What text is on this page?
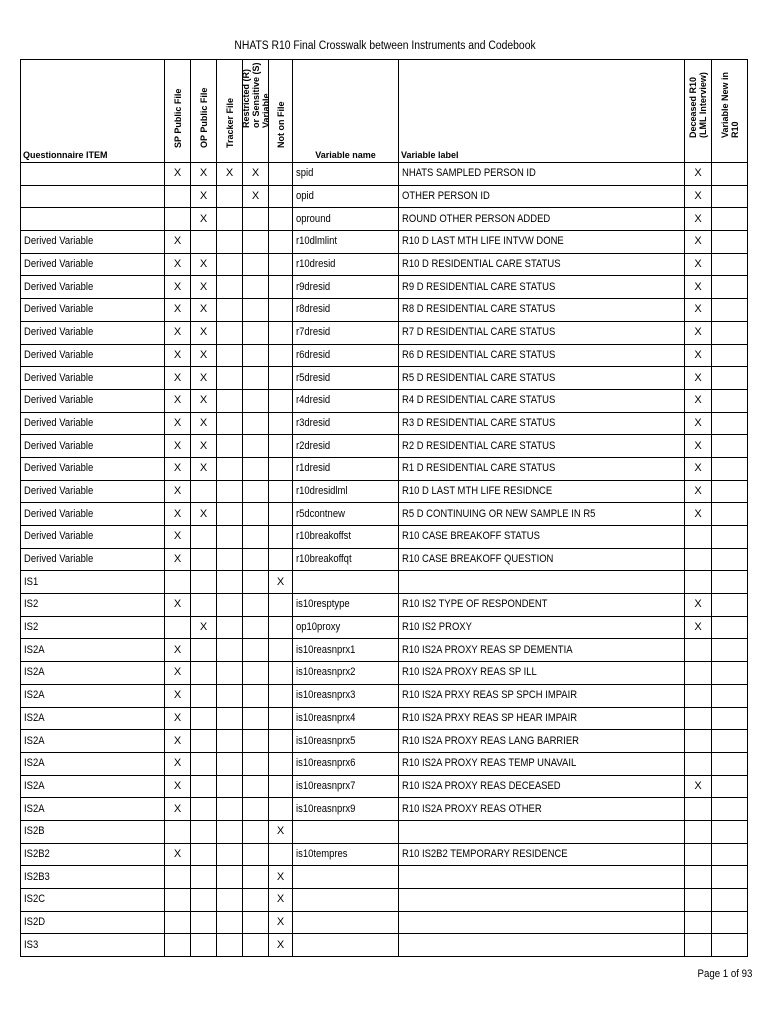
NHATS R10 Final Crosswalk between Instruments and Codebook
Questionnaire ITEM	SP Public File	OP Public File	Tracker File	Restricted (R)
or Sensitive (S)
Variable	Not on File	Variable name	Variable label	Deceased R10
(LML Interview)	Variable New in
R10

	X	X	X	X		spid	NHATS SAMPLED PERSON ID	X	
		X		X		opid	OTHER PERSON ID	X	
		X				opround	ROUND OTHER PERSON ADDED	X	
Derived Variable	X					r10dlmlint	R10 D LAST MTH LIFE INTVW DONE	X	
Derived Variable	X	X				r10dresid	R10 D RESIDENTIAL CARE STATUS	X	
Derived Variable	X	X				r9dresid	R9 D RESIDENTIAL CARE STATUS	X	
Derived Variable	X	X				r8dresid	R8 D RESIDENTIAL CARE STATUS	X	
Derived Variable	X	X				r7dresid	R7 D RESIDENTIAL CARE STATUS	X	
Derived Variable	X	X				r6dresid	R6 D RESIDENTIAL CARE STATUS	X	
Derived Variable	X	X				r5dresid	R5 D RESIDENTIAL CARE STATUS	X	
Derived Variable	X	X				r4dresid	R4 D RESIDENTIAL CARE STATUS	X	
Derived Variable	X	X				r3dresid	R3 D RESIDENTIAL CARE STATUS	X	
Derived Variable	X	X				r2dresid	R2 D RESIDENTIAL CARE STATUS	X	
Derived Variable	X	X				r1dresid	R1 D RESIDENTIAL CARE STATUS	X	
Derived Variable	X					r10dresidlml	R10 D LAST MTH LIFE RESIDNCE	X	
Derived Variable	X	X				r5dcontnew	R5 D CONTINUING OR NEW SAMPLE IN R5	X	
Derived Variable	X					r10breakoffst	R10 CASE BREAKOFF STATUS		
Derived Variable	X					r10breakoffqt	R10 CASE BREAKOFF QUESTION		
IS1					X				
IS2	X					is10resptype	R10 IS2 TYPE OF RESPONDENT	X	
IS2		X				op10proxy	R10 IS2 PROXY	X	
IS2A	X					is10reasnprx1	R10 IS2A PROXY REAS SP DEMENTIA		
IS2A	X					is10reasnprx2	R10 IS2A PROXY REAS SP ILL		
IS2A	X					is10reasnprx3	R10 IS2A PRXY REAS SP SPCH IMPAIR		
IS2A	X					is10reasnprx4	R10 IS2A PRXY REAS SP HEAR IMPAIR		
IS2A	X					is10reasnprx5	R10 IS2A PROXY REAS LANG BARRIER		
IS2A	X					is10reasnprx6	R10 IS2A PROXY REAS TEMP UNAVAIL		
IS2A	X					is10reasnprx7	R10 IS2A PROXY REAS DECEASED	X	
IS2A	X					is10reasnprx9	R10 IS2A PROXY REAS OTHER		
IS2B					X				
IS2B2	X					is10tempres	R10 IS2B2 TEMPORARY RESIDENCE		
IS2B3					X				
IS2C					X				
IS2D					X				
IS3					X				
Page 1 of 93
